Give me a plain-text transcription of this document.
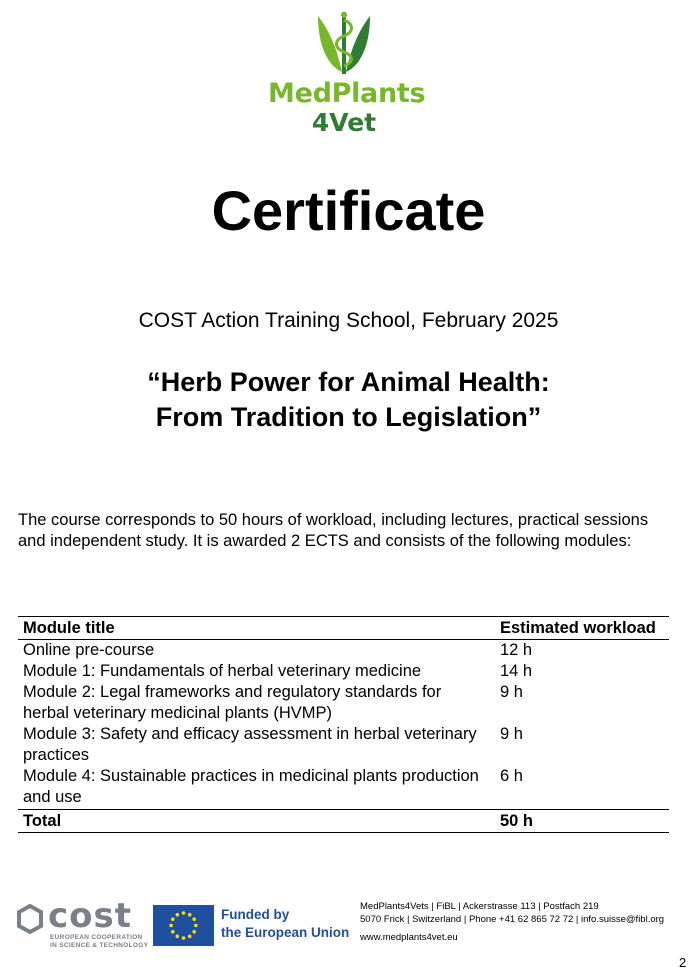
MedPlants
4Vet
Certificate
COST Action Training School, February 2025
“Herb Power for Animal Health:
From Tradition to Legislation”
The course corresponds to 50 hours of workload, including lectures, practical sessions and independent study. It is awarded 2 ECTS and consists of the following modules:
Module title	Estimated workload
Online pre-course	12 h
Module 1: Fundamentals of herbal veterinary medicine	14 h
Module 2: Legal frameworks and regulatory standards for herbal veterinary medicinal plants (HVMP)	9 h
Module 3: Safety and efficacy assessment in herbal veterinary practices	9 h
Module 4: Sustainable practices in medicinal plants production and use	6 h
Total	50 h
cost
EUROPEAN COOPERATION
IN SCIENCE & TECHNOLOGY
Funded by
the European Union
MedPlants4Vets | FiBL | Ackerstrasse 113 | Postfach 219
5070 Frick | Switzerland | Phone +41 62 865 72 72 | info.suisse@fibl.org
www.medplants4vet.eu
2
